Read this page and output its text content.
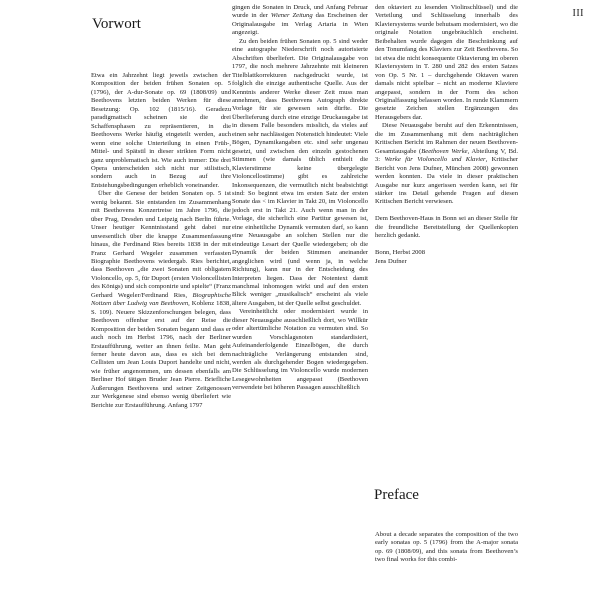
III
Vorwort

Etwa ein Jahrzehnt liegt jeweils zwischen der Komposition der beiden frühen Sonaten op. 5 (1796), der A-dur-Sonate op. 69 (1808/09) und Beethovens letzten beiden Werken für diese Besetzung: Op. 102 (1815/16). Geradezu paradigmatisch scheinen sie die drei Schaffensphasen zu repräsentieren, in die Beethovens Werke häufig eingeteilt werden, auch wenn eine solche Unterteilung in einen Früh-, Mittel- und Spätstil in dieser strikten Form nicht ganz unproblematisch ist. Wie auch immer: Die drei Opera unterscheiden sich nicht nur stilistisch, sondern auch in Bezug auf ihre Entstehungsbedingungen erheblich voneinander.

Über die Genese der beiden Sonaten op. 5 ist wenig bekannt. Sie entstanden im Zusammenhang mit Beethovens Konzertreise im Jahre 1796, die über Prag, Dresden und Leipzig nach Berlin führte. Unser heutiger Kenntnisstand geht dabei nur unwesentlich über die knappe Zusammenfassung hinaus, die Ferdinand Ries bereits 1838 in der mit Franz Gerhard Wegeler zusammen verfassten Biographie Beethovens wiedergab. Ries berichtet, dass Beethoven „die zwei Sonaten mit obligatem Violoncello, op. 5, für Duport (ersten Violoncellisten des Königs) und sich componirte und spielte“ (Franz Gerhard Wegeler/Ferdinand Ries, Biographische Notizen über Ludwig van Beethoven, Koblenz 1838, S. 109). Neuere Skizzenforschungen belegen, dass Beethoven offenbar erst auf der Reise die Komposition der beiden Sonaten begann und dass er auch noch im Herbst 1796, nach der Berliner Erstaufführung, weiter an ihnen feilte. Man geht ferner heute davon aus, dass es sich bei dem Cellisten um Jean Louis Duport handelte und nicht, wie früher angenommen, um dessen ebenfalls am Berliner Hof tätigen Bruder Jean Pierre. Briefliche Äußerungen Beethovens und seiner Zeitgenossen zur Werkgenese sind ebenso wenig überliefert wie Berichte zur Erstaufführung. Anfang 1797

gingen die Sonaten in Druck, und Anfang Februar wurde in der Wiener Zeitung das Erscheinen der Originalausgabe im Verlag Artaria in Wien angezeigt.

Zu den beiden frühen Sonaten op. 5 sind weder eine autographe Niederschrift noch autorisierte Abschriften überliefert. Die Originalausgabe von 1797, die noch mehrere Jahrzehnte mit kleineren Titelblattkorrekturen nachgedruckt wurde, ist folglich die einzige authentische Quelle. Aus der Kenntnis anderer Werke dieser Zeit muss man annehmen, dass Beethovens Autograph direkte Vorlage für sie gewesen sein dürfte. Die Überlieferung durch eine einzige Druckausgabe ist in diesem Falle besonders misslich, da vieles auf einen sehr nachlässigen Notenstich hindeutet: Viele Bögen, Dynamikangaben etc. sind sehr ungenau gesetzt, und zwischen den einzeln gestochenen Stimmen (wie damals üblich enthielt die Klavierstimme keine übergelegte Violoncellostimme) gibt es zahlreiche Inkonsequenzen, die vermutlich nicht beabsichtigt sind: So beginnt etwa im ersten Satz der ersten Sonate das < im Klavier in Takt 20, im Violoncello jedoch erst in Takt 21. Auch wenn man in der Vorlage, die sicherlich eine Partitur gewesen ist, eine einheitliche Dynamik vermuten darf, so kann eine Neuausgabe an solchen Stellen nur die eindeutige Lesart der Quelle wiedergeben; ob die Dynamik der beiden Stimmen aneinander angeglichen wird (und wenn ja, in welche Richtung), kann nur in der Entscheidung des Interpreten liegen. Dass der Notentext damit manchmal inhomogen wirkt und auf den ersten Blick weniger „musikalisch“ erscheint als viele ältere Ausgaben, ist der Quelle selbst geschuldet.

Vereinheitlicht oder modernisiert wurde in dieser Neuausgabe ausschließlich dort, wo Willkür oder altertümliche Notation zu vermuten sind. So wurden Vorschlagsnoten standardisiert, Aufeinanderfolgende Einzelbögen, die durch nachträgliche Verlängerung entstanden sind, werden als durchgehender Bogen wiedergegeben. Die Schlüsselung im Violoncello wurde modernen Lesegewohnheiten angepasst (Beethoven verwendete bei höheren Passagen ausschließlich

den oktaviert zu lesenden Violinschlüssel) und die Verteilung und Schlüsselung innerhalb des Klaviersystems wurde behutsam modernisiert, wo die originale Notation ungebräuchlich erscheint. Beibehalten wurde dagegen die Beschränkung auf den Tonumfang des Klaviers zur Zeit Beethovens. So ist etwa die nicht konsequente Oktavierung im oberen Klaviersystem in T. 280 und 282 des ersten Satzes von Op. 5 Nr. 1 – durchgehende Oktaven waren damals nicht spielbar – nicht an moderne Klaviere angepasst, sondern in der Form des schon Originalfassung belassen worden. In runde Klammern gesetzte Zeichen stellen Ergänzungen des Herausgebers dar.

Diese Neuausgabe beruht auf den Erkenntnissen, die im Zusammenhang mit dem nachträglichen Kritischen Bericht im Rahmen der neuen Beethoven-Gesamtausgabe (Beethoven Werke, Abteilung V, Bd. 3: Werke für Violoncello und Klavier, Kritischer Bericht von Jens Dufner, München 2008) gewonnen werden konnten. Da viele in dieser praktischen Ausgabe nur kurz angerissen werden kann, sei für stärker ins Detail gehende Fragen auf diesen Kritischen Bericht verwiesen.

Dem Beethoven-Haus in Bonn sei an dieser Stelle für die freundliche Bereitstellung der Quellenkopien herzlich gedankt.

Bonn, Herbst 2008

Jens Dufner

Preface

About a decade separates the composition of the two early sonatas op. 5 (1796) from the A-major sonata op. 69 (1808/09), and this sonata from Beethoven’s two final works for this combi-
